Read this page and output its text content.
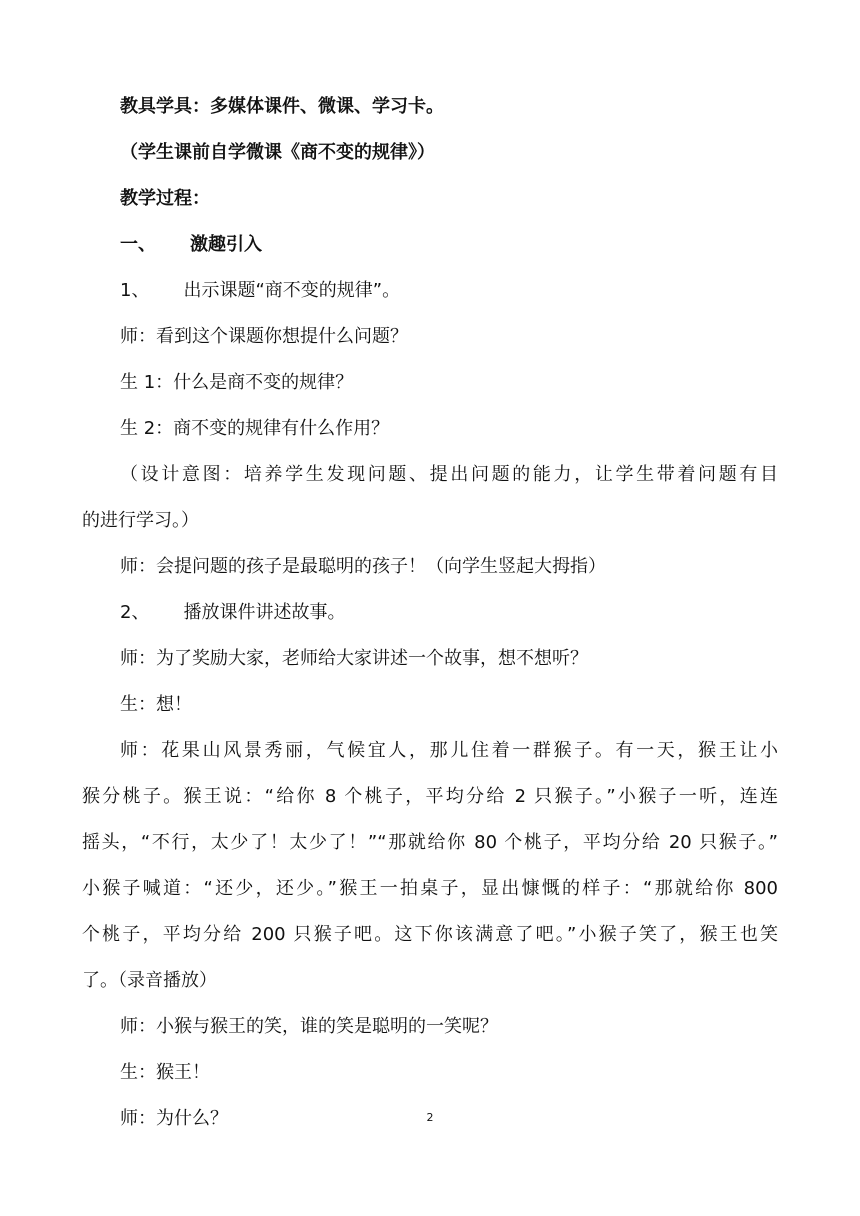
教具学具：多媒体课件、微课、学习卡。
（学生课前自学微课《商不变的规律》）
教学过程：
一、 激趣引入
1、 出示课题“商不变的规律”。
师：看到这个课题你想提什么问题？
生 1：什么是商不变的规律？
生 2：商不变的规律有什么作用？
（设计意图：培养学生发现问题、提出问题的能力，让学生带着问题有目
的进行学习。）
师：会提问题的孩子是最聪明的孩子！（向学生竖起大拇指）
2、 播放课件讲述故事。
师：为了奖励大家，老师给大家讲述一个故事，想不想听？
生：想！
师：花果山风景秀丽，气候宜人，那儿住着一群猴子。有一天，猴王让小
猴分桃子。猴王说：“给你 8 个桃子，平均分给 2 只猴子。”小猴子一听，连连
摇头，“不行，太少了！太少了！”“那就给你 80 个桃子，平均分给 20 只猴子。”
小猴子喊道：“还少，还少。”猴王一拍桌子，显出慷慨的样子：“那就给你 800
个桃子，平均分给 200 只猴子吧。这下你该满意了吧。”小猴子笑了，猴王也笑
了。（录音播放）
师：小猴与猴王的笑，谁的笑是聪明的一笑呢？
生：猴王！
师：为什么？	2
